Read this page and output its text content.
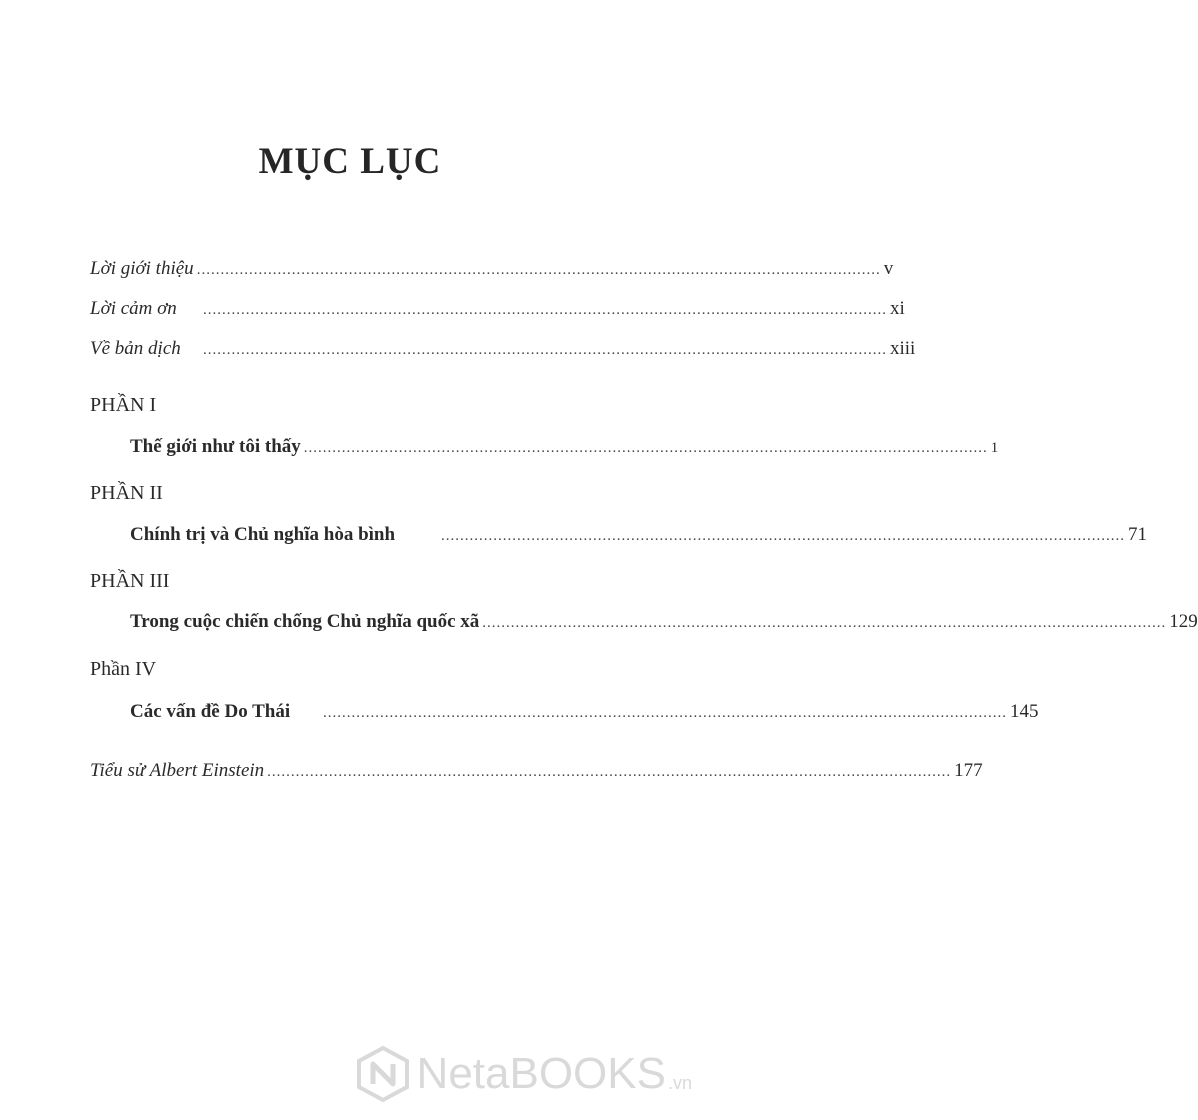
MỤC LỤC
Lời giới thiệu ................................................................................................................................................ v
Lời cảm ơn	................................................................................................................................................ xi
Về bản dịch	................................................................................................................................................ xiii
PHẦN I
Thế giới như tôi thấy ................................................................................................................................................ 1
PHẦN II
Chính trị và Chủ nghĩa hòa bình	................................................................................................................................................ 71
PHẦN III
Trong cuộc chiến chống Chủ nghĩa quốc xã ................................................................................................................................................ 129
Phần IV
Các vấn đề Do Thái	................................................................................................................................................ 145
Tiểu sử Albert Einstein ................................................................................................................................................ 177
NetaBOOKS .vn
